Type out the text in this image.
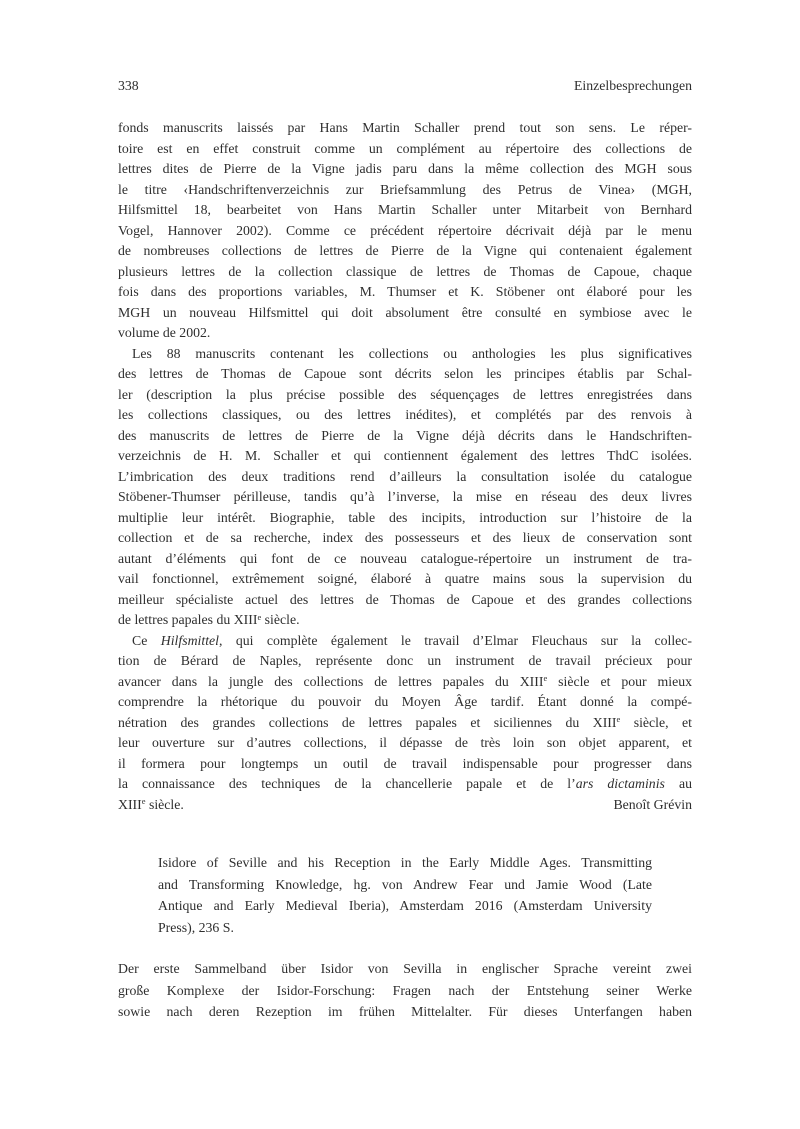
338	Einzelbesprechungen
fonds manuscrits laissés par Hans Martin Schaller prend tout son sens. Le réper-
toire est en effet construit comme un complément au répertoire des collections de
lettres dites de Pierre de la Vigne jadis paru dans la même collection des MGH sous
le titre ‹Handschriftenverzeichnis zur Briefsammlung des Petrus de Vinea› (MGH,
Hilfsmittel 18, bearbeitet von Hans Martin Schaller unter Mitarbeit von Bernhard
Vogel, Hannover 2002). Comme ce précédent répertoire décrivait déjà par le menu
de nombreuses collections de lettres de Pierre de la Vigne qui contenaient également
plusieurs lettres de la collection classique de lettres de Thomas de Capoue, chaque
fois dans des proportions variables, M. Thumser et K. Stöbener ont élaboré pour les
MGH un nouveau Hilfsmittel qui doit absolument être consulté en symbiose avec le
volume de 2002.
Les 88 manuscrits contenant les collections ou anthologies les plus significatives
des lettres de Thomas de Capoue sont décrits selon les principes établis par Schal-
ler (description la plus précise possible des séquençages de lettres enregistrées dans
les collections classiques, ou des lettres inédites), et complétés par des renvois à
des manuscrits de lettres de Pierre de la Vigne déjà décrits dans le Handschriften-
verzeichnis de H. M. Schaller et qui contiennent également des lettres ThdC isolées.
L’imbrication des deux traditions rend d’ailleurs la consultation isolée du catalogue
Stöbener-Thumser périlleuse, tandis qu’à l’inverse, la mise en réseau des deux livres
multiplie leur intérêt. Biographie, table des incipits, introduction sur l’histoire de la
collection et de sa recherche, index des possesseurs et des lieux de conservation sont
autant d’éléments qui font de ce nouveau catalogue-répertoire un instrument de tra-
vail fonctionnel, extrêmement soigné, élaboré à quatre mains sous la supervision du
meilleur spécialiste actuel des lettres de Thomas de Capoue et des grandes collections
de lettres papales du XIIIe siècle.
Ce Hilfsmittel, qui complète également le travail d’Elmar Fleuchaus sur la collec-
tion de Bérard de Naples, représente donc un instrument de travail précieux pour
avancer dans la jungle des collections de lettres papales du XIIIe siècle et pour mieux
comprendre la rhétorique du pouvoir du Moyen Âge tardif. Étant donné la compé-
nétration des grandes collections de lettres papales et siciliennes du XIIIe siècle, et
leur ouverture sur d’autres collections, il dépasse de très loin son objet apparent, et
il formera pour longtemps un outil de travail indispensable pour progresser dans
la connaissance des techniques de la chancellerie papale et de l’ars dictaminis au
Benoît Grévin
XIIIe siècle.
Isidore of Seville and his Reception in the Early Middle Ages. Transmitting
and Transforming Knowledge, hg. von Andrew Fear und Jamie Wood (Late
Antique and Early Medieval Iberia), Amsterdam 2016 (Amsterdam University
Press), 236 S.
Der erste Sammelband über Isidor von Sevilla in englischer Sprache vereint zwei
große Komplexe der Isidor-Forschung: Fragen nach der Entstehung seiner Werke
sowie nach deren Rezeption im frühen Mittelalter. Für dieses Unterfangen haben
